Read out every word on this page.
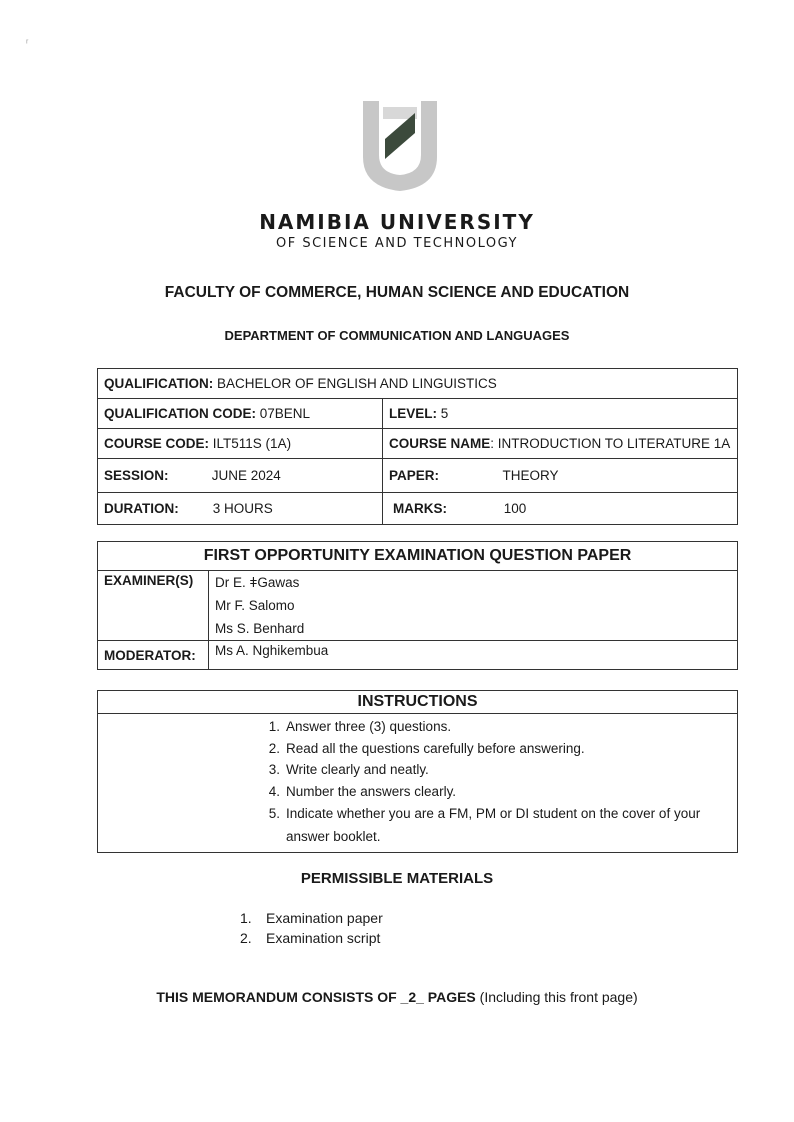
ʳ
NAMIBIA UNIVERSITY
OF SCIENCE AND TECHNOLOGY
FACULTY OF COMMERCE, HUMAN SCIENCE AND EDUCATION
DEPARTMENT OF COMMUNICATION AND LANGUAGES
QUALIFICATION: BACHELOR OF ENGLISH AND LINGUISTICS	
QUALIFICATION CODE: 07BENL	LEVEL: 5
COURSE CODE: ILT511S (1A)	COURSE NAME: INTRODUCTION TO LITERATURE 1A
SESSION: JUNE 2024	PAPER: THEORY
DURATION: 3 HOURS	MARKS: 100
FIRST OPPORTUNITY EXAMINATION QUESTION PAPER	
EXAMINER(S)	Dr E. ǂGawas
Mr F. Salomo
Ms S. Benhard

MODERATOR:	Ms A. Nghikembua
INSTRUCTIONS

1. Answer three (3) questions.
2. Read all the questions carefully before answering.
3. Write clearly and neatly.
4. Number the answers clearly.
5. Indicate whether you are a FM, PM or DI student on the cover of your answer booklet.
PERMISSIBLE MATERIALS
1. Examination paper
2. Examination script
THIS MEMORANDUM CONSISTS OF _2_ PAGES (Including this front page)
